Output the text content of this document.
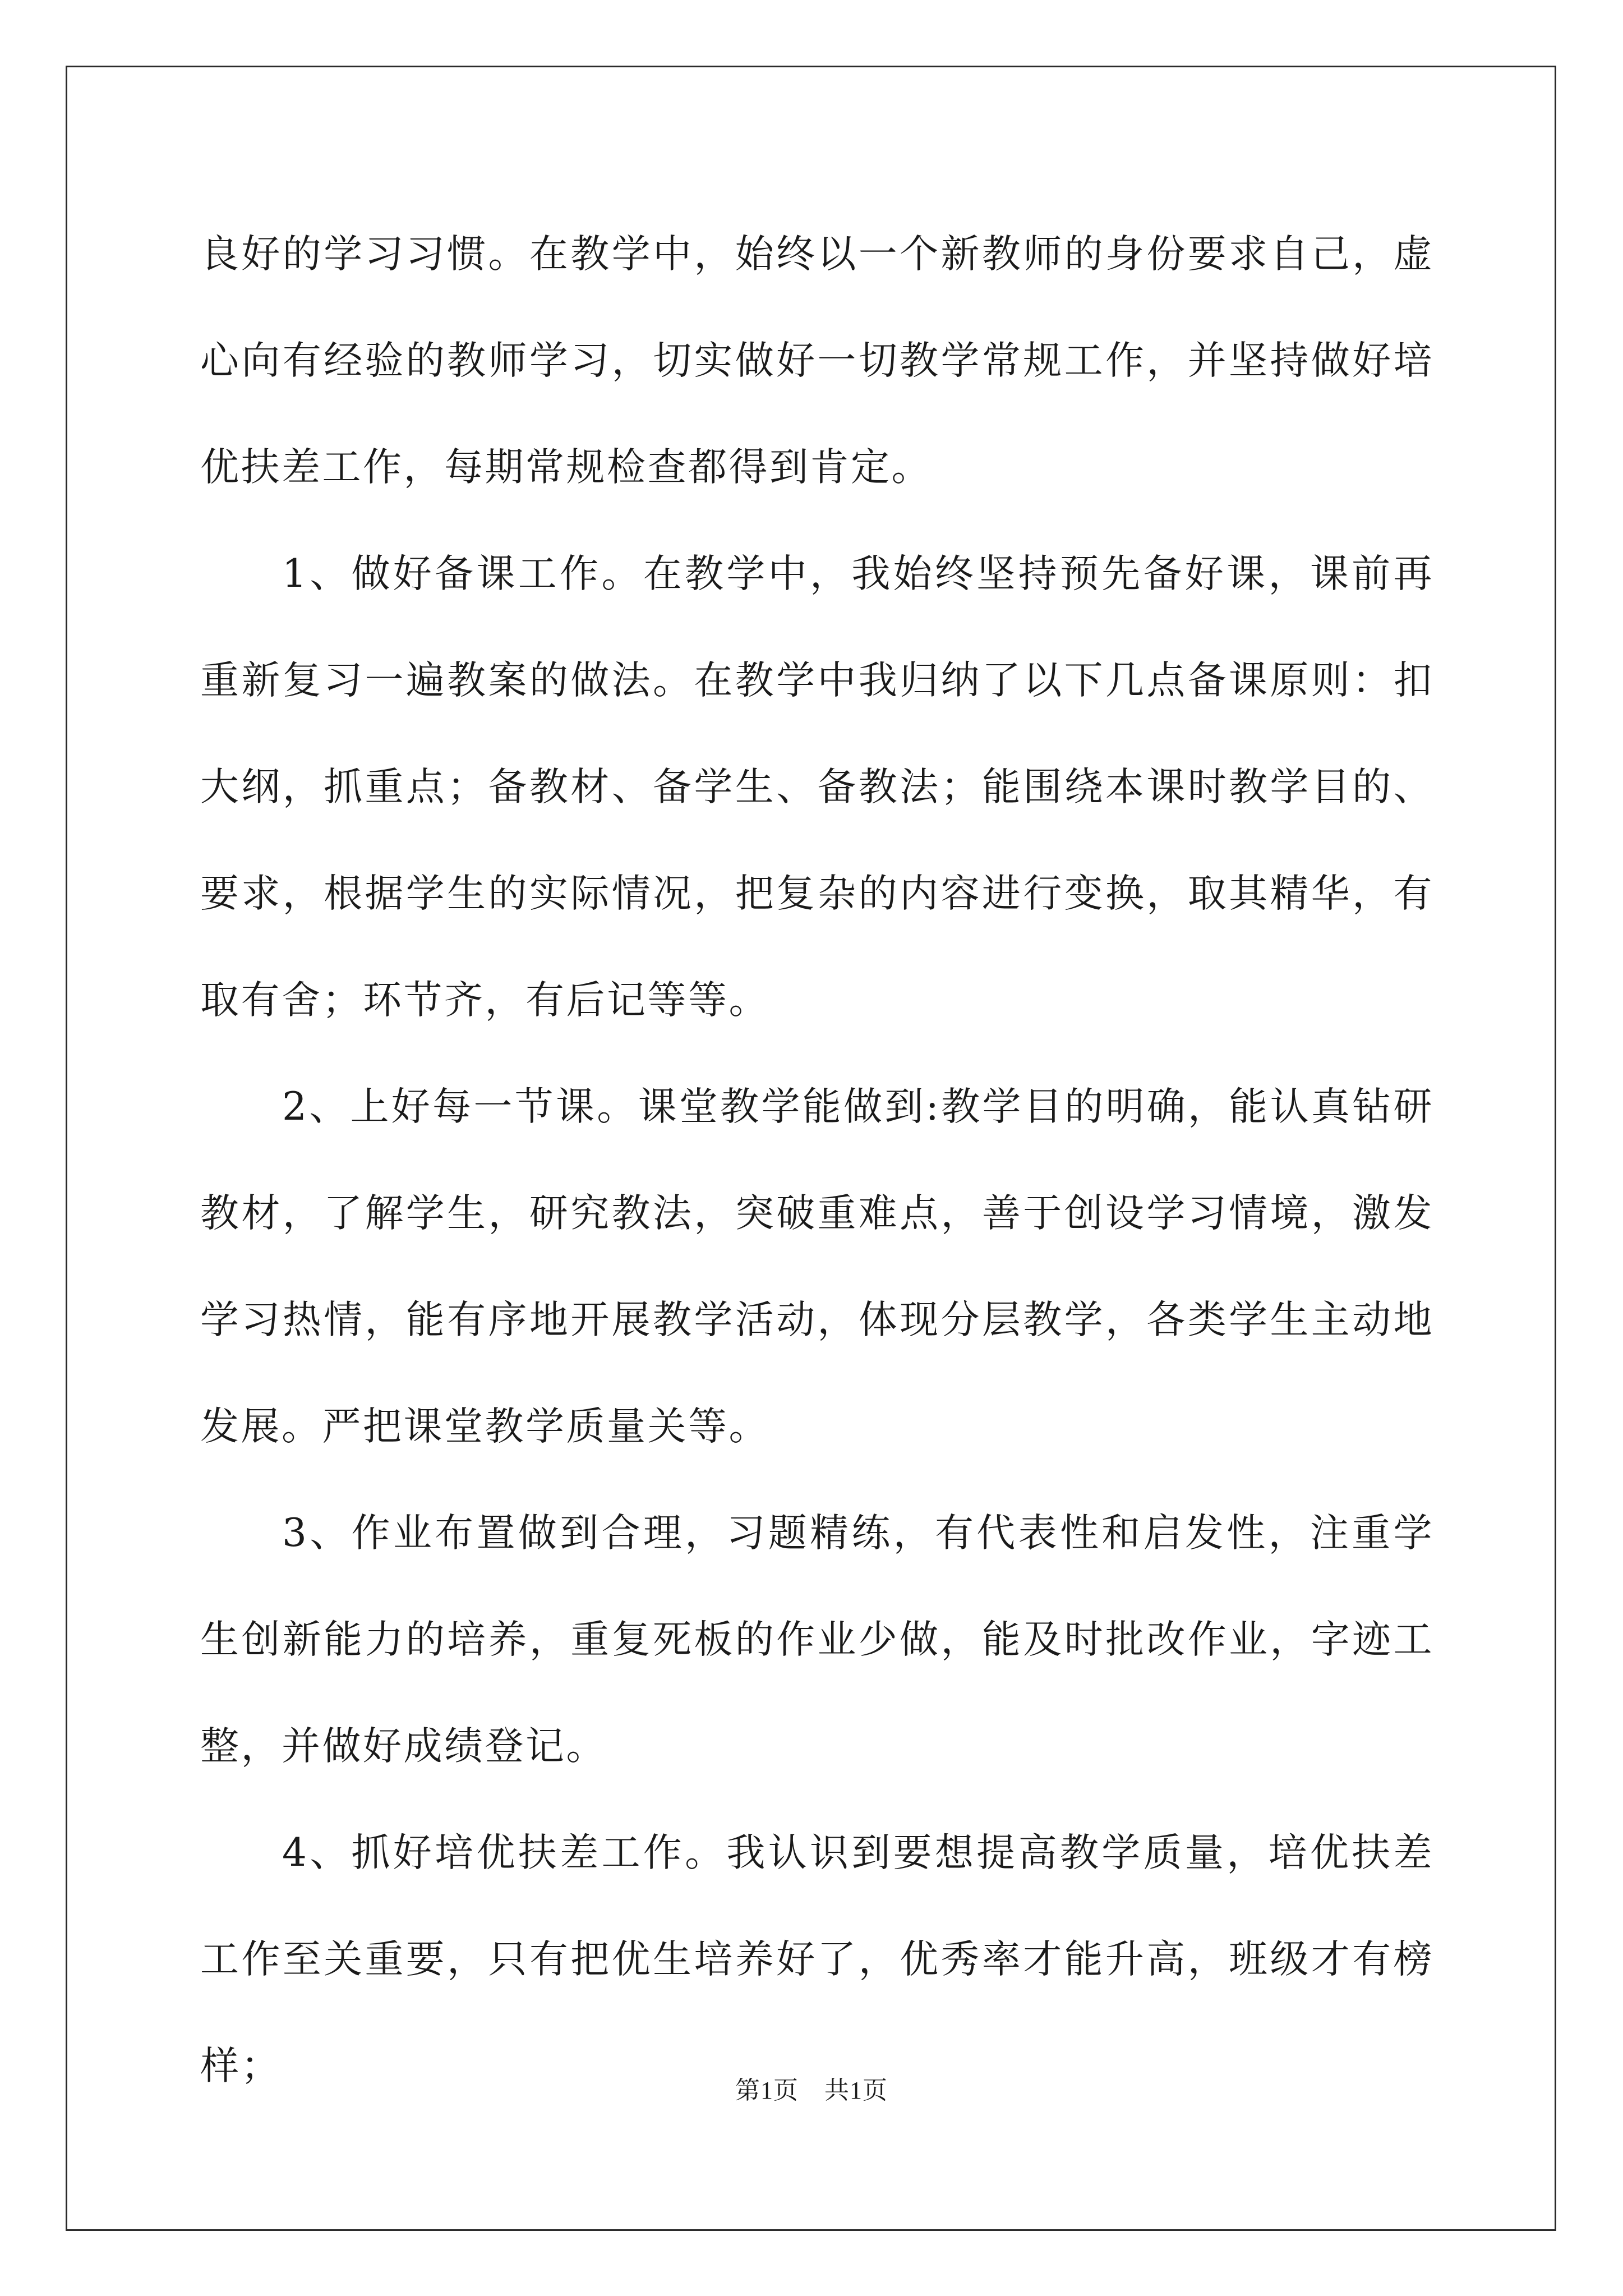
良好的学习习惯。在教学中，始终以一个新教师的身份要求自己，虚心向有经验的教师学习，切实做好一切教学常规工作，并坚持做好培优扶差工作，每期常规检查都得到肯定。

1、做好备课工作。在教学中，我始终坚持预先备好课，课前再重新复习一遍教案的做法。在教学中我归纳了以下几点备课原则：扣大纲，抓重点；备教材、备学生、备教法；能围绕本课时教学目的、要求，根据学生的实际情况，把复杂的内容进行变换，取其精华，有取有舍；环节齐，有后记等等。

2、上好每一节课。课堂教学能做到:教学目的明确，能认真钻研教材，了解学生，研究教法，突破重难点，善于创设学习情境，激发学习热情，能有序地开展教学活动，体现分层教学，各类学生主动地发展。严把课堂教学质量关等。

3、作业布置做到合理，习题精练，有代表性和启发性，注重学生创新能力的培养，重复死板的作业少做，能及时批改作业，字迹工整，并做好成绩登记。

4、抓好培优扶差工作。我认识到要想提高教学质量，培优扶差工作至关重要，只有把优生培养好了，优秀率才能升高，班级才有榜样；

第1页 共1页
